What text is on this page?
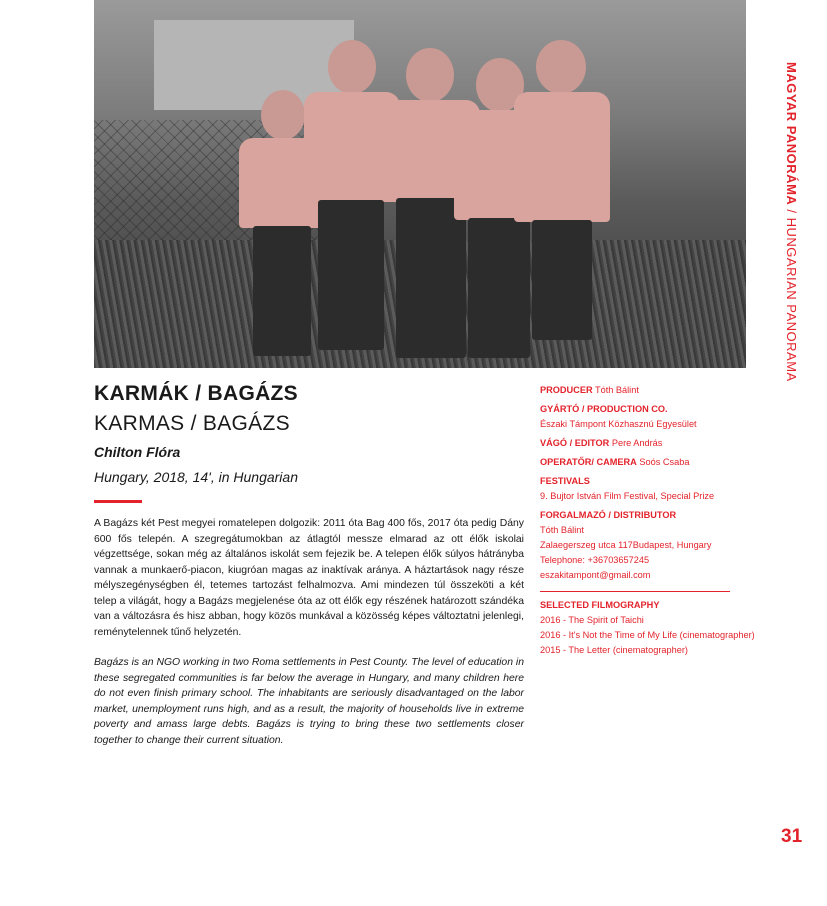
MAGYAR PANORÁMA / HUNGARIAN PANORAMA
KARMÁK / BAGÁZS
KARMAS / BAGÁZS
Chilton Flóra
Hungary, 2018, 14', in Hungarian

A Bagázs két Pest megyei romatelepen dolgozik: 2011 óta Bag 400 fős, 2017 óta pedig Dány 600 fős telepén. A szegregátumokban az átlagtól messze elmarad az ott élők iskolai végzettsége, sokan még az általános iskolát sem fejezik be. A telepen élők súlyos hátrányba vannak a munkaerő-piacon, kiugróan magas az inaktívak aránya. A háztartások nagy része mélyszegénységben él, tetemes tartozást felhalmozva. Ami mindezen túl összeköti a két telep a világát, hogy a Bagázs megjelenése óta az ott élők egy részének határozott szándéka van a változásra és hisz abban, hogy közös munkával a közösség képes változtatni jelenlegi, reménytelennek tűnő helyzetén.

Bagázs is an NGO working in two Roma settlements in Pest County. The level of education in these segregated communities is far below the average in Hungary, and many children here do not even finish primary school. The inhabitants are seriously disadvantaged on the labor market, unemployment runs high, and as a result, the majority of households live in extreme poverty and amass large debts. Bagázs is trying to bring these two settlements closer together to change their current situation.

PRODUCER Tóth Bálint
GYÁRTÓ / PRODUCTION CO.
Északi Támpont Közhasznú Egyesület
VÁGÓ / EDITOR Pere András
OPERATŐR/ CAMERA Soós Csaba
FESTIVALS
9. Bujtor István Film Festival, Special Prize
FORGALMAZÓ / DISTRIBUTOR
Tóth Bálint
Zalaegerszeg utca 117Budapest, Hungary
Telephone: +36703657245
eszakitampont@gmail.com
SELECTED FILMOGRAPHY
2016 - The Spirit of Taichi
2016 - It's Not the Time of My Life (cinematographer)
2015 - The Letter (cinematographer)
31
